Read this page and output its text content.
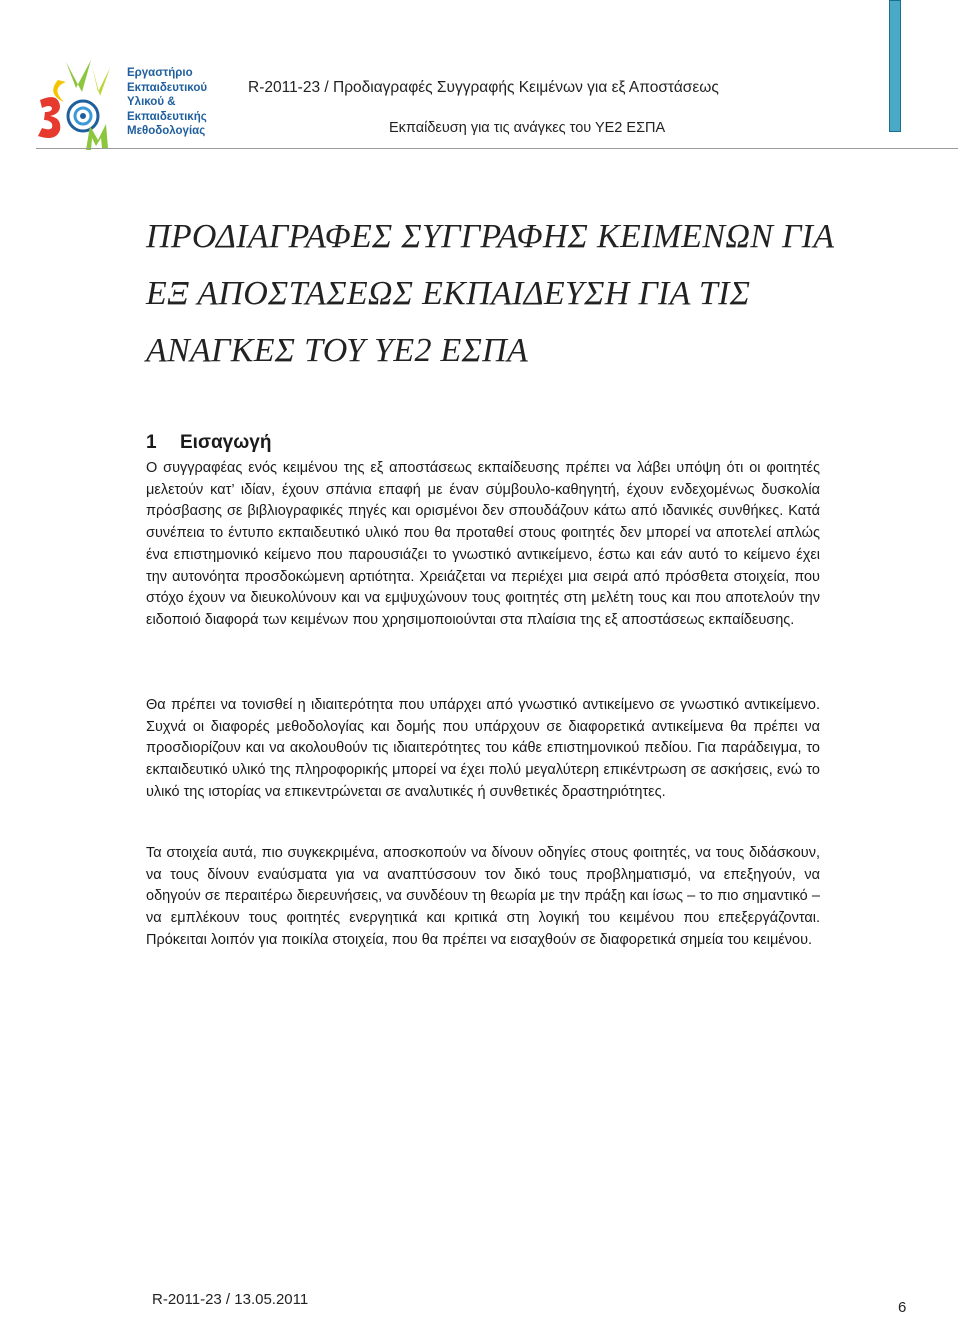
Εργαστήριο
Εκπαιδευτικού
Υλικού &
Εκπαιδευτικής
Μεθοδολογίας
R-2011-23 / Προδιαγραφές Συγγραφής Κειμένων για εξ Αποστάσεως
Εκπαίδευση για τις ανάγκες του ΥΕ2 ΕΣΠΑ
ΠΡΟΔΙΑΓΡΑΦΕΣ ΣΥΓΓΡΑΦΗΣ ΚΕΙΜΕΝΩΝ ΓΙΑ
ΕΞ ΑΠΟΣΤΑΣΕΩΣ ΕΚΠΑΙΔΕΥΣΗ ΓΙΑ ΤΙΣ
ΑΝΑΓΚΕΣ ΤΟΥ ΥΕ2 ΕΣΠΑ
1 Εισαγωγή
Ο συγγραφέας ενός κειμένου της εξ αποστάσεως εκπαίδευσης πρέπει να λάβει υπόψη ότι οι φοιτητές μελετούν κατ’ ιδίαν, έχουν σπάνια επαφή με έναν σύμβουλο-καθηγητή, έχουν ενδεχομένως δυσκολία πρόσβασης σε βιβλιογραφικές πηγές και ορισμένοι δεν σπουδάζουν κάτω από ιδανικές συνθήκες. Κατά συνέπεια το έντυπο εκπαιδευτικό υλικό που θα προταθεί στους φοιτητές δεν μπορεί να αποτελεί απλώς ένα επιστημονικό κείμενο που παρουσιάζει το γνωστικό αντικείμενο, έστω και εάν αυτό το κείμενο έχει την αυτονόητα προσδοκώμενη αρτιότητα. Χρειάζεται να περιέχει μια σειρά από πρόσθετα στοιχεία, που στόχο έχουν να διευκολύνουν και να εμψυχώνουν τους φοιτητές στη μελέτη τους και που αποτελούν την ειδοποιό διαφορά των κειμένων που χρησιμοποιούνται στα πλαίσια της εξ αποστάσεως εκπαίδευσης.
Θα πρέπει να τονισθεί η ιδιαιτερότητα που υπάρχει από γνωστικό αντικείμενο σε γνωστικό αντικείμενο. Συχνά οι διαφορές μεθοδολογίας και δομής που υπάρχουν σε διαφορετικά αντικείμενα θα πρέπει να προσδιορίζουν και να ακολουθούν τις ιδιαιτερότητες του κάθε επιστημονικού πεδίου. Για παράδειγμα, το εκπαιδευτικό υλικό της πληροφορικής μπορεί να έχει πολύ μεγαλύτερη επικέντρωση σε ασκήσεις, ενώ το υλικό της ιστορίας να επικεντρώνεται σε αναλυτικές ή συνθετικές δραστηριότητες.
Τα στοιχεία αυτά, πιο συγκεκριμένα, αποσκοπούν να δίνουν οδηγίες στους φοιτητές, να τους διδάσκουν, να τους δίνουν εναύσματα για να αναπτύσσουν τον δικό τους προβληματισμό, να επεξηγούν, να οδηγούν σε περαιτέρω διερευνήσεις, να συνδέουν τη θεωρία με την πράξη και ίσως – το πιο σημαντικό – να εμπλέκουν τους φοιτητές ενεργητικά και κριτικά στη λογική του κειμένου που επεξεργάζονται. Πρόκειται λοιπόν για ποικίλα στοιχεία, που θα πρέπει να εισαχθούν σε διαφορετικά σημεία του κειμένου.
R-2011-23 / 13.05.2011	6
